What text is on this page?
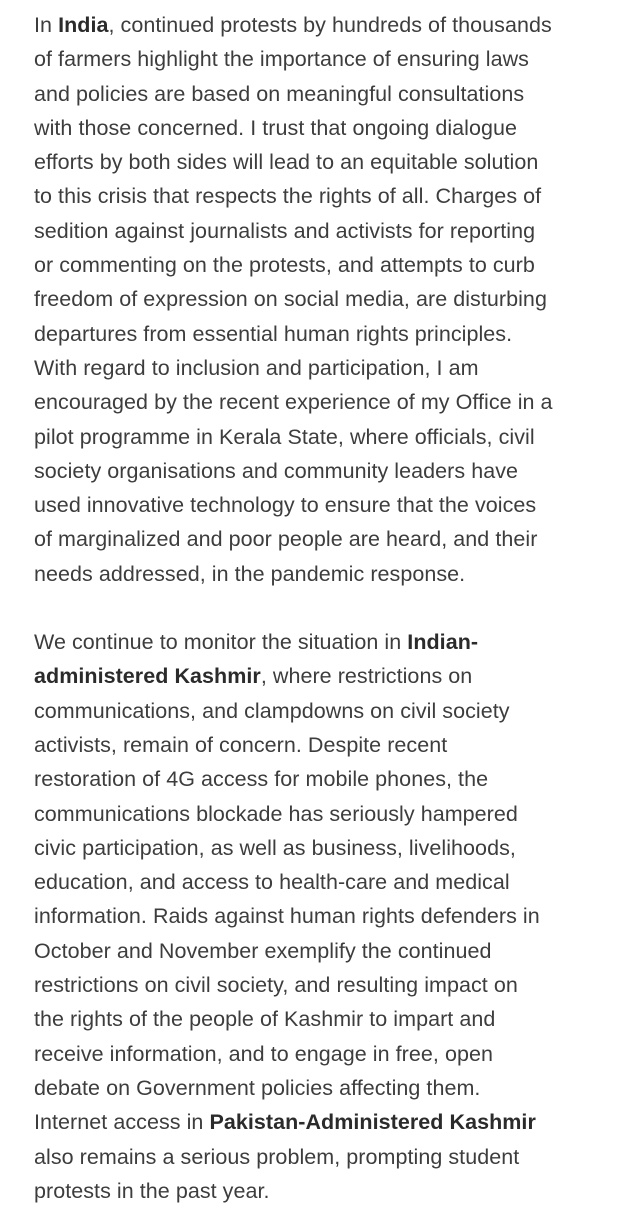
In India, continued protests by hundreds of thousands
of farmers highlight the importance of ensuring laws
and policies are based on meaningful consultations
with those concerned. I trust that ongoing dialogue
efforts by both sides will lead to an equitable solution
to this crisis that respects the rights of all. Charges of
sedition against journalists and activists for reporting
or commenting on the protests, and attempts to curb
freedom of expression on social media, are disturbing
departures from essential human rights principles.
With regard to inclusion and participation, I am
encouraged by the recent experience of my Office in a
pilot programme in Kerala State, where officials, civil
society organisations and community leaders have
used innovative technology to ensure that the voices
of marginalized and poor people are heard, and their
needs addressed, in the pandemic response.

We continue to monitor the situation in Indian-
administered Kashmir, where restrictions on
communications, and clampdowns on civil society
activists, remain of concern. Despite recent
restoration of 4G access for mobile phones, the
communications blockade has seriously hampered
civic participation, as well as business, livelihoods,
education, and access to health-care and medical
information. Raids against human rights defenders in
October and November exemplify the continued
restrictions on civil society, and resulting impact on
the rights of the people of Kashmir to impart and
receive information, and to engage in free, open
debate on Government policies affecting them.
Internet access in Pakistan-Administered Kashmir
also remains a serious problem, prompting student
protests in the past year.
